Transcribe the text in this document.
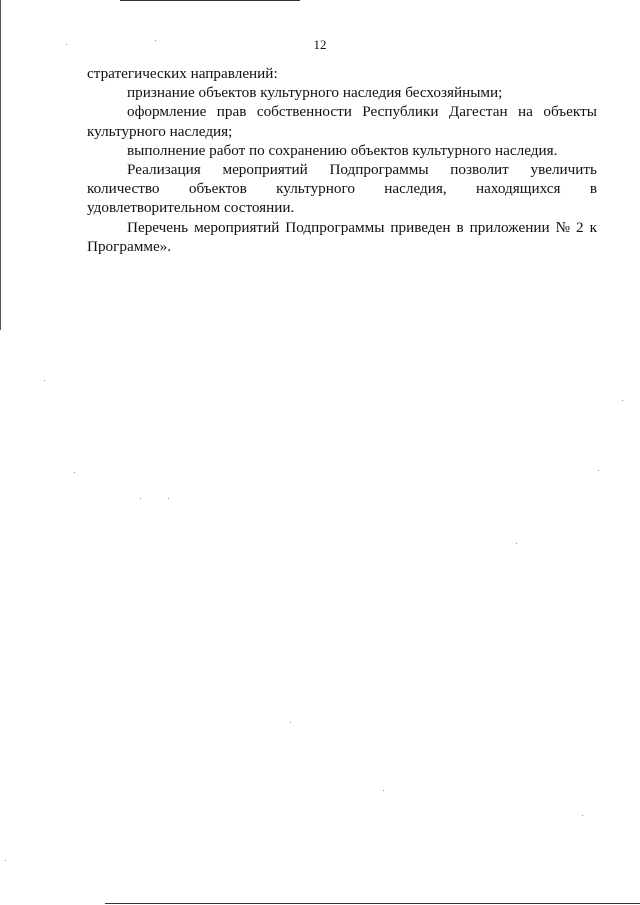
12
стратегических направлений:
признание объектов культурного наследия бесхозяйными;
оформление прав собственности Республики Дагестан на объекты
культурного наследия;
выполнение работ по сохранению объектов культурного наследия.
Реализация мероприятий Подпрограммы позволит увеличить
количество объектов культурного наследия, находящихся в
удовлетворительном состоянии.
Перечень мероприятий Подпрограммы приведен в приложении № 2 к
Программе».
